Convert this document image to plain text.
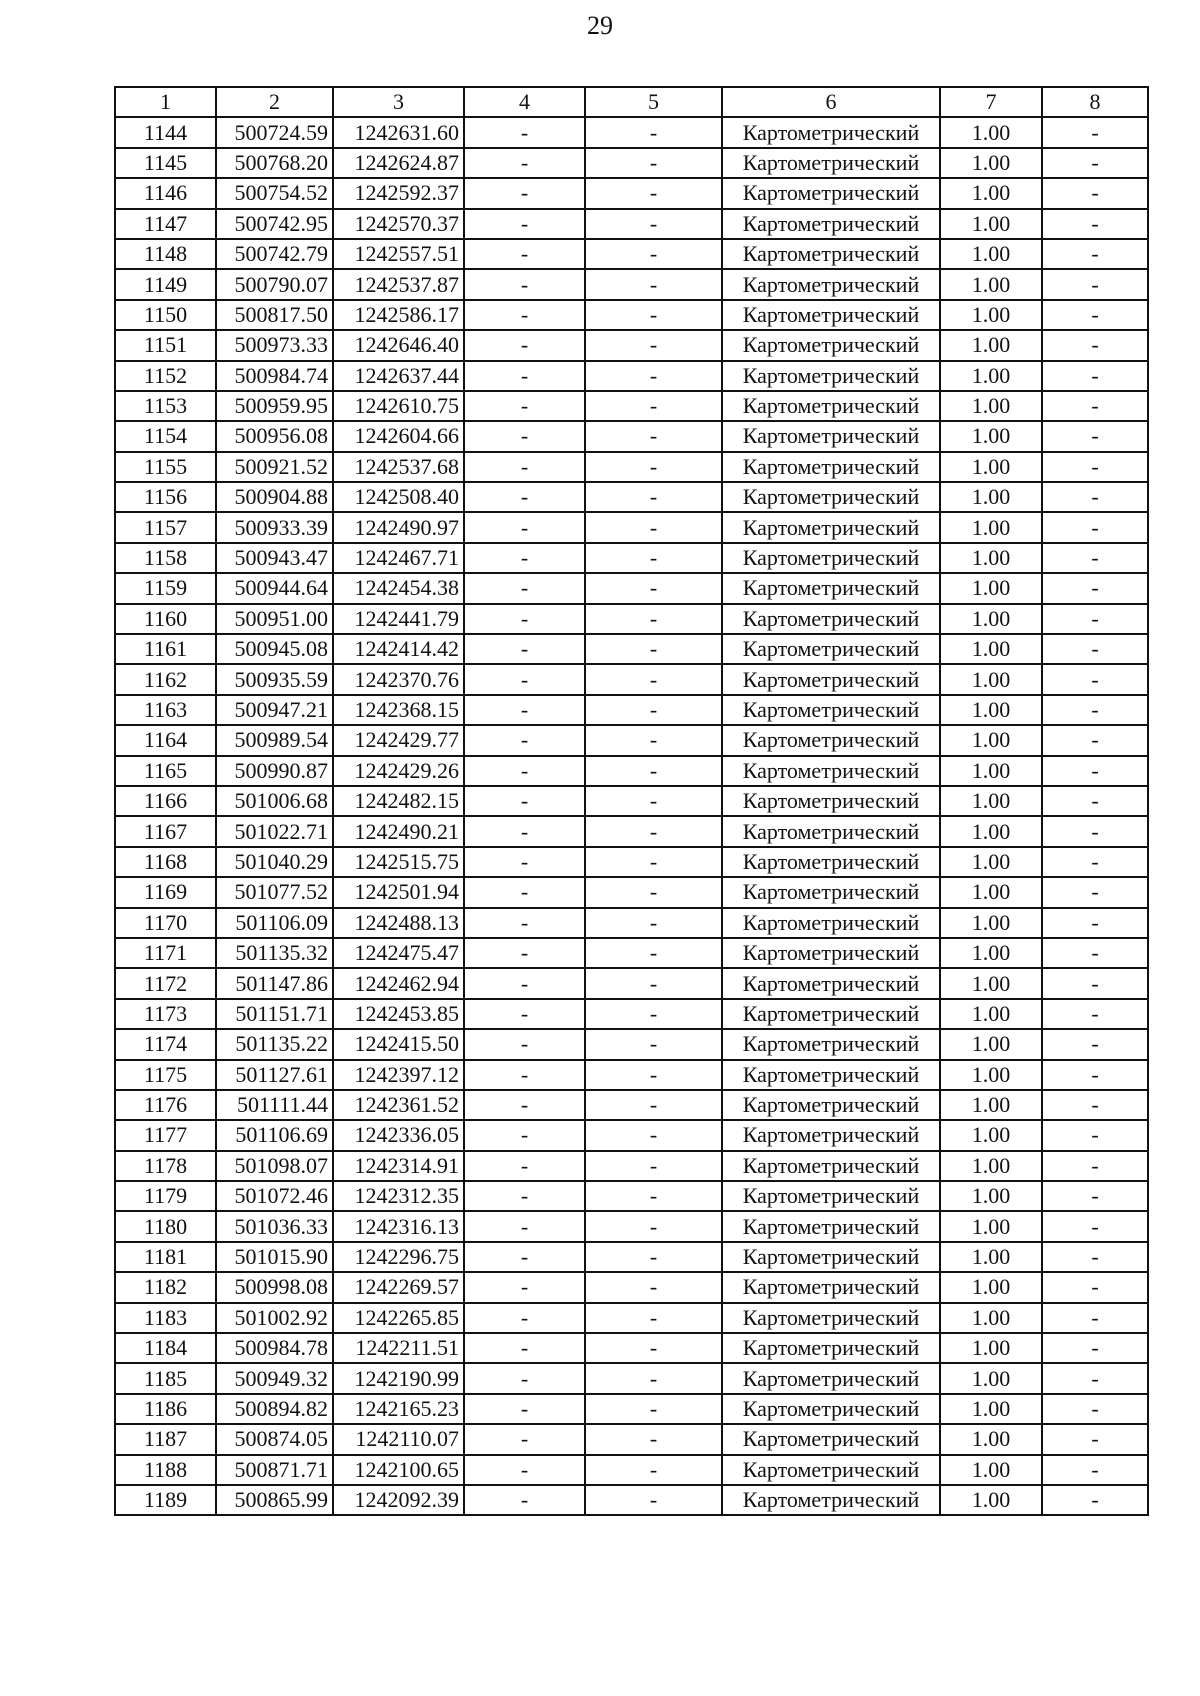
29
1	2	3	4	5	6	7	8
1144	500724.59	1242631.60	-	-	Картометрический	1.00	-
1145	500768.20	1242624.87	-	-	Картометрический	1.00	-
1146	500754.52	1242592.37	-	-	Картометрический	1.00	-
1147	500742.95	1242570.37	-	-	Картометрический	1.00	-
1148	500742.79	1242557.51	-	-	Картометрический	1.00	-
1149	500790.07	1242537.87	-	-	Картометрический	1.00	-
1150	500817.50	1242586.17	-	-	Картометрический	1.00	-
1151	500973.33	1242646.40	-	-	Картометрический	1.00	-
1152	500984.74	1242637.44	-	-	Картометрический	1.00	-
1153	500959.95	1242610.75	-	-	Картометрический	1.00	-
1154	500956.08	1242604.66	-	-	Картометрический	1.00	-
1155	500921.52	1242537.68	-	-	Картометрический	1.00	-
1156	500904.88	1242508.40	-	-	Картометрический	1.00	-
1157	500933.39	1242490.97	-	-	Картометрический	1.00	-
1158	500943.47	1242467.71	-	-	Картометрический	1.00	-
1159	500944.64	1242454.38	-	-	Картометрический	1.00	-
1160	500951.00	1242441.79	-	-	Картометрический	1.00	-
1161	500945.08	1242414.42	-	-	Картометрический	1.00	-
1162	500935.59	1242370.76	-	-	Картометрический	1.00	-
1163	500947.21	1242368.15	-	-	Картометрический	1.00	-
1164	500989.54	1242429.77	-	-	Картометрический	1.00	-
1165	500990.87	1242429.26	-	-	Картометрический	1.00	-
1166	501006.68	1242482.15	-	-	Картометрический	1.00	-
1167	501022.71	1242490.21	-	-	Картометрический	1.00	-
1168	501040.29	1242515.75	-	-	Картометрический	1.00	-
1169	501077.52	1242501.94	-	-	Картометрический	1.00	-
1170	501106.09	1242488.13	-	-	Картометрический	1.00	-
1171	501135.32	1242475.47	-	-	Картометрический	1.00	-
1172	501147.86	1242462.94	-	-	Картометрический	1.00	-
1173	501151.71	1242453.85	-	-	Картометрический	1.00	-
1174	501135.22	1242415.50	-	-	Картометрический	1.00	-
1175	501127.61	1242397.12	-	-	Картометрический	1.00	-
1176	501111.44	1242361.52	-	-	Картометрический	1.00	-
1177	501106.69	1242336.05	-	-	Картометрический	1.00	-
1178	501098.07	1242314.91	-	-	Картометрический	1.00	-
1179	501072.46	1242312.35	-	-	Картометрический	1.00	-
1180	501036.33	1242316.13	-	-	Картометрический	1.00	-
1181	501015.90	1242296.75	-	-	Картометрический	1.00	-
1182	500998.08	1242269.57	-	-	Картометрический	1.00	-
1183	501002.92	1242265.85	-	-	Картометрический	1.00	-
1184	500984.78	1242211.51	-	-	Картометрический	1.00	-
1185	500949.32	1242190.99	-	-	Картометрический	1.00	-
1186	500894.82	1242165.23	-	-	Картометрический	1.00	-
1187	500874.05	1242110.07	-	-	Картометрический	1.00	-
1188	500871.71	1242100.65	-	-	Картометрический	1.00	-
1189	500865.99	1242092.39	-	-	Картометрический	1.00	-
